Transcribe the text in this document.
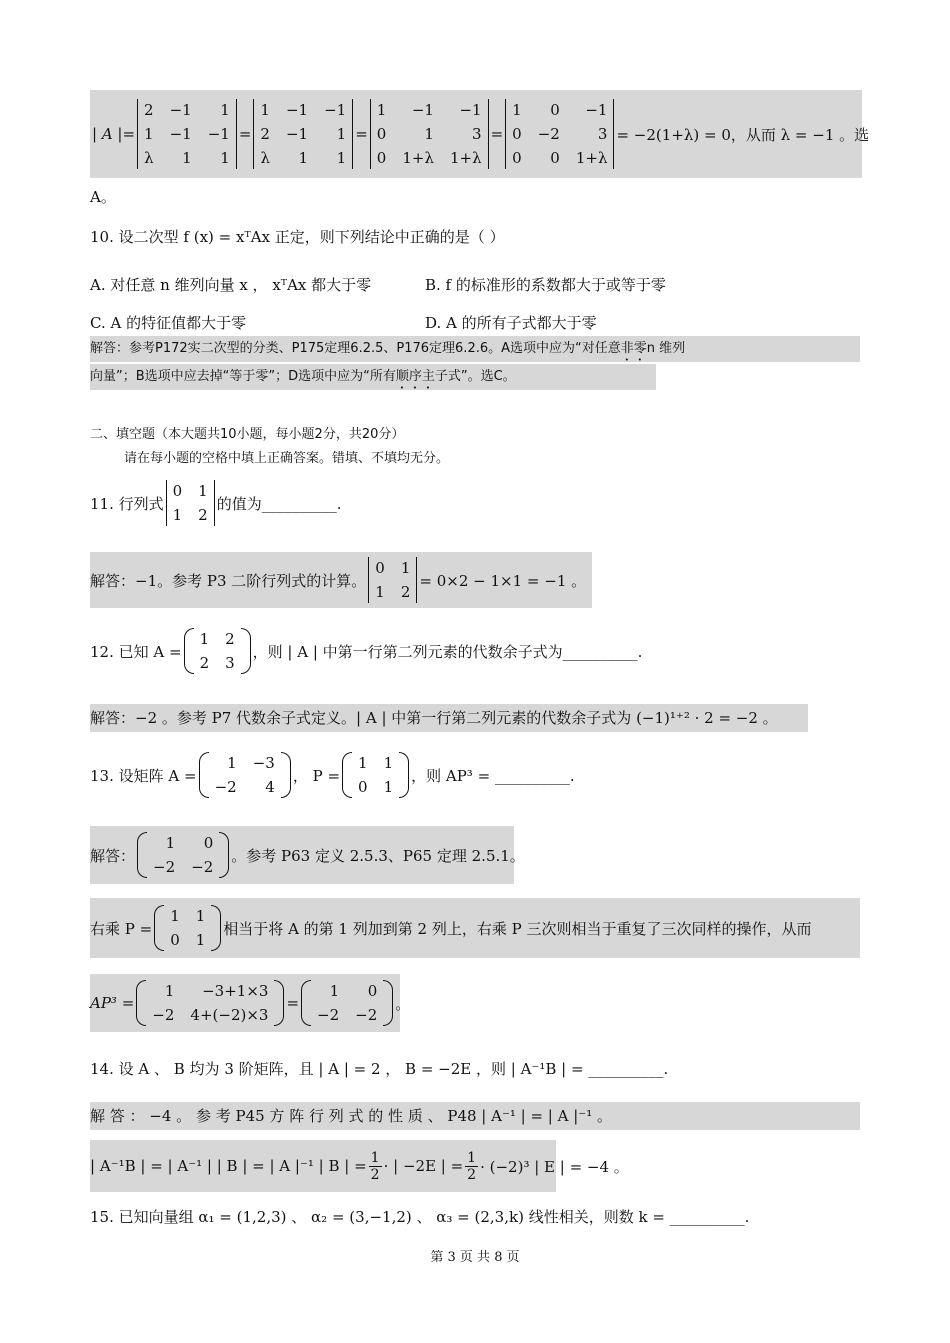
| A |=
2 −1	1
1 −1 −1
λ	1	1
=
1 −1 −1
2 −1	1
λ	1	1
=
1	−1	−1
0	1	3
0 1+λ 1+λ
=
1	0	−1
0 −2	3
0	0 1+λ
= −2(1+λ) = 0，从而 λ = −1 。选
A。
10. 设二次型 f (x) = xᵀAx 正定，则下列结论中正确的是（ ）
A. 对任意 n 维列向量 x ， xᵀAx 都大于零	B. f 的标准形的系数都大于或等于零
C. A 的特征值都大于零	D. A 的所有子式都大于零
解答：参考P172实二次型的分类、P175定理6.2.5、P176定理6.2.6。A选项中应为“对任意非零n 维列
向量”；B选项中应去掉“等于零”；D选项中应为“所有顺序主子式”。选C。
二、填空题（本大题共10小题，每小题2分，共20分）
请在每小题的空格中填上正确答案。错填、不填均无分。
11. 行列式
0 1
1 2
的值为__________.
解答：−1。参考 P3 二阶行列式的计算。
0 1
1 2
= 0×2 − 1×1 = −1 。
12. 已知 A =
1 2
2 3
，则 | A | 中第一行第二列元素的代数余子式为__________.
解答：−2 。参考 P7 代数余子式定义。| A | 中第一行第二列元素的代数余子式为 (−1)¹⁺² · 2 = −2 。
13. 设矩阵 A =
1 −3
−2	4
， P =
1 1
0 1
，则 AP³ = __________.
解答：
1	0
−2 −2
。参考 P63 定义 2.5.3、P65 定理 2.5.1。
右乘 P =
1 1
0 1
相当于将 A 的第 1 列加到第 2 列上，右乘 P 三次则相当于重复了三次同样的操作，从而
AP³ =
1	−3+1×3
−2 4+(−2)×3
=
1	0
−2 −2
。
14. 设 A 、 B 均为 3 阶矩阵，且 | A | = 2 ， B = −2E ，则 | A⁻¹B | = __________.
解 答 ： −4 。 参 考 P45 方 阵 行 列 式 的 性 质 、 P48 | A⁻¹ | = | A |⁻¹ 。
| A⁻¹B | = | A⁻¹ | | B | = | A |⁻¹ | B | = $\frac{1}{2}$ · | −2E | = $\frac{1}{2} \cdot (-2)^3$ | E | = −4 。
15. 已知向量组 α₁ = (1,2,3) 、 α₂ = (3,−1,2) 、 α₃ = (2,3,k) 线性相关，则数 k = __________.
第 3 页 共 8 页
